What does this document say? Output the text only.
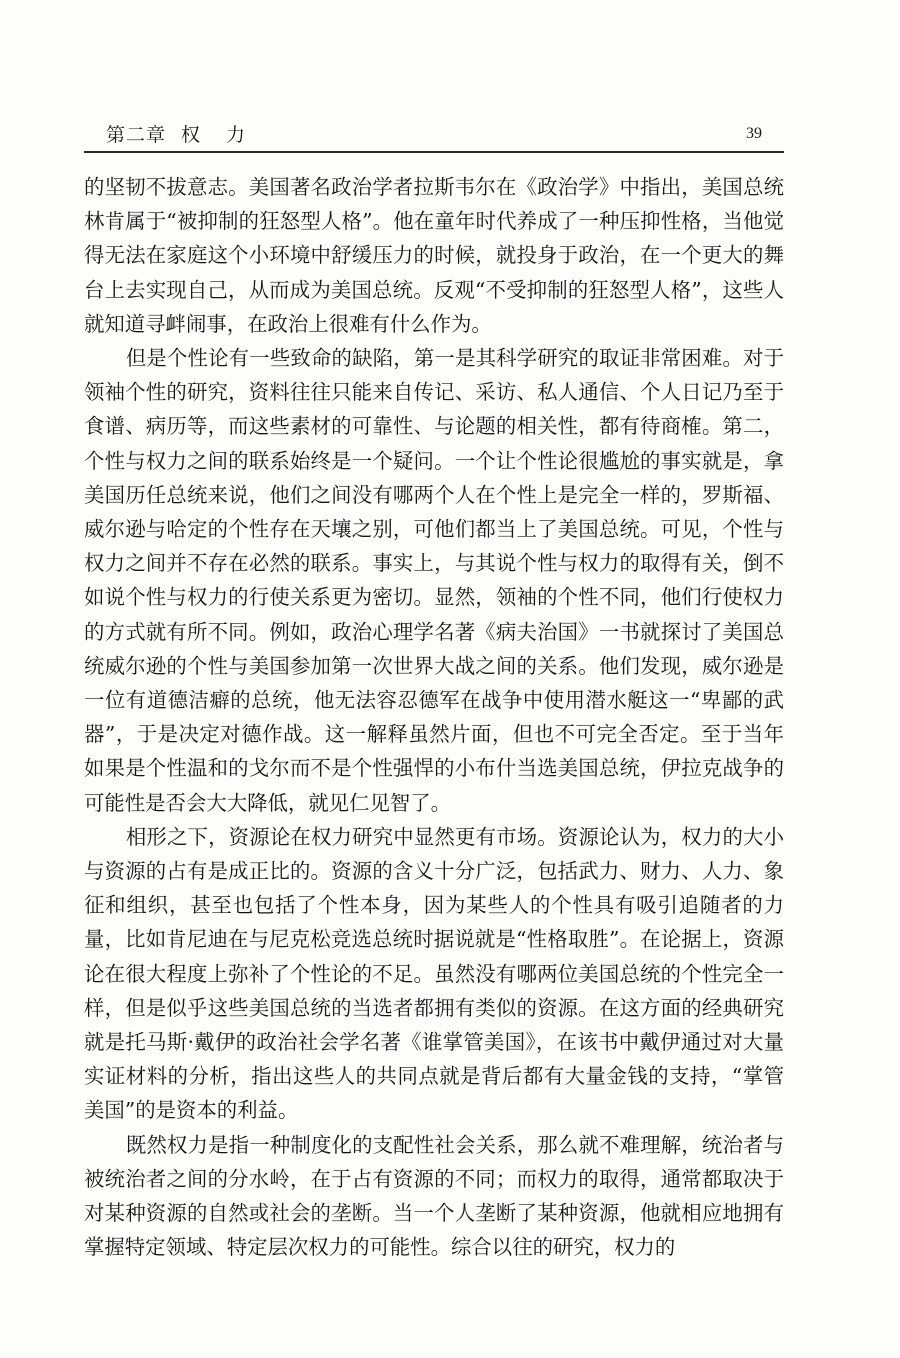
第二章 权力	39

的坚韧不拔意志。美国著名政治学者拉斯韦尔在《政治学》中指出，美国总统林肯属于“被抑制的狂怒型人格”。他在童年时代养成了一种压抑性格，当他觉得无法在家庭这个小环境中舒缓压力的时候，就投身于政治，在一个更大的舞台上去实现自己，从而成为美国总统。反观“不受抑制的狂怒型人格”，这些人就知道寻衅闹事，在政治上很难有什么作为。

但是个性论有一些致命的缺陷，第一是其科学研究的取证非常困难。对于领袖个性的研究，资料往往只能来自传记、采访、私人通信、个人日记乃至于食谱、病历等，而这些素材的可靠性、与论题的相关性，都有待商榷。第二，个性与权力之间的联系始终是一个疑问。一个让个性论很尴尬的事实就是，拿美国历任总统来说，他们之间没有哪两个人在个性上是完全一样的，罗斯福、威尔逊与哈定的个性存在天壤之别，可他们都当上了美国总统。可见，个性与权力之间并不存在必然的联系。事实上，与其说个性与权力的取得有关，倒不如说个性与权力的行使关系更为密切。显然，领袖的个性不同，他们行使权力的方式就有所不同。例如，政治心理学名著《病夫治国》一书就探讨了美国总统威尔逊的个性与美国参加第一次世界大战之间的关系。他们发现，威尔逊是一位有道德洁癖的总统，他无法容忍德军在战争中使用潜水艇这一“卑鄙的武器”，于是决定对德作战。这一解释虽然片面，但也不可完全否定。至于当年如果是个性温和的戈尔而不是个性强悍的小布什当选美国总统，伊拉克战争的可能性是否会大大降低，就见仁见智了。

相形之下，资源论在权力研究中显然更有市场。资源论认为，权力的大小与资源的占有是成正比的。资源的含义十分广泛，包括武力、财力、人力、象征和组织，甚至也包括了个性本身，因为某些人的个性具有吸引追随者的力量，比如肯尼迪在与尼克松竞选总统时据说就是“性格取胜”。在论据上，资源论在很大程度上弥补了个性论的不足。虽然没有哪两位美国总统的个性完全一样，但是似乎这些美国总统的当选者都拥有类似的资源。在这方面的经典研究就是托马斯·戴伊的政治社会学名著《谁掌管美国》，在该书中戴伊通过对大量实证材料的分析，指出这些人的共同点就是背后都有大量金钱的支持，“掌管美国”的是资本的利益。

既然权力是指一种制度化的支配性社会关系，那么就不难理解，统治者与被统治者之间的分水岭，在于占有资源的不同；而权力的取得，通常都取决于对某种资源的自然或社会的垄断。当一个人垄断了某种资源，他就相应地拥有掌握特定领域、特定层次权力的可能性。综合以往的研究，权力的
